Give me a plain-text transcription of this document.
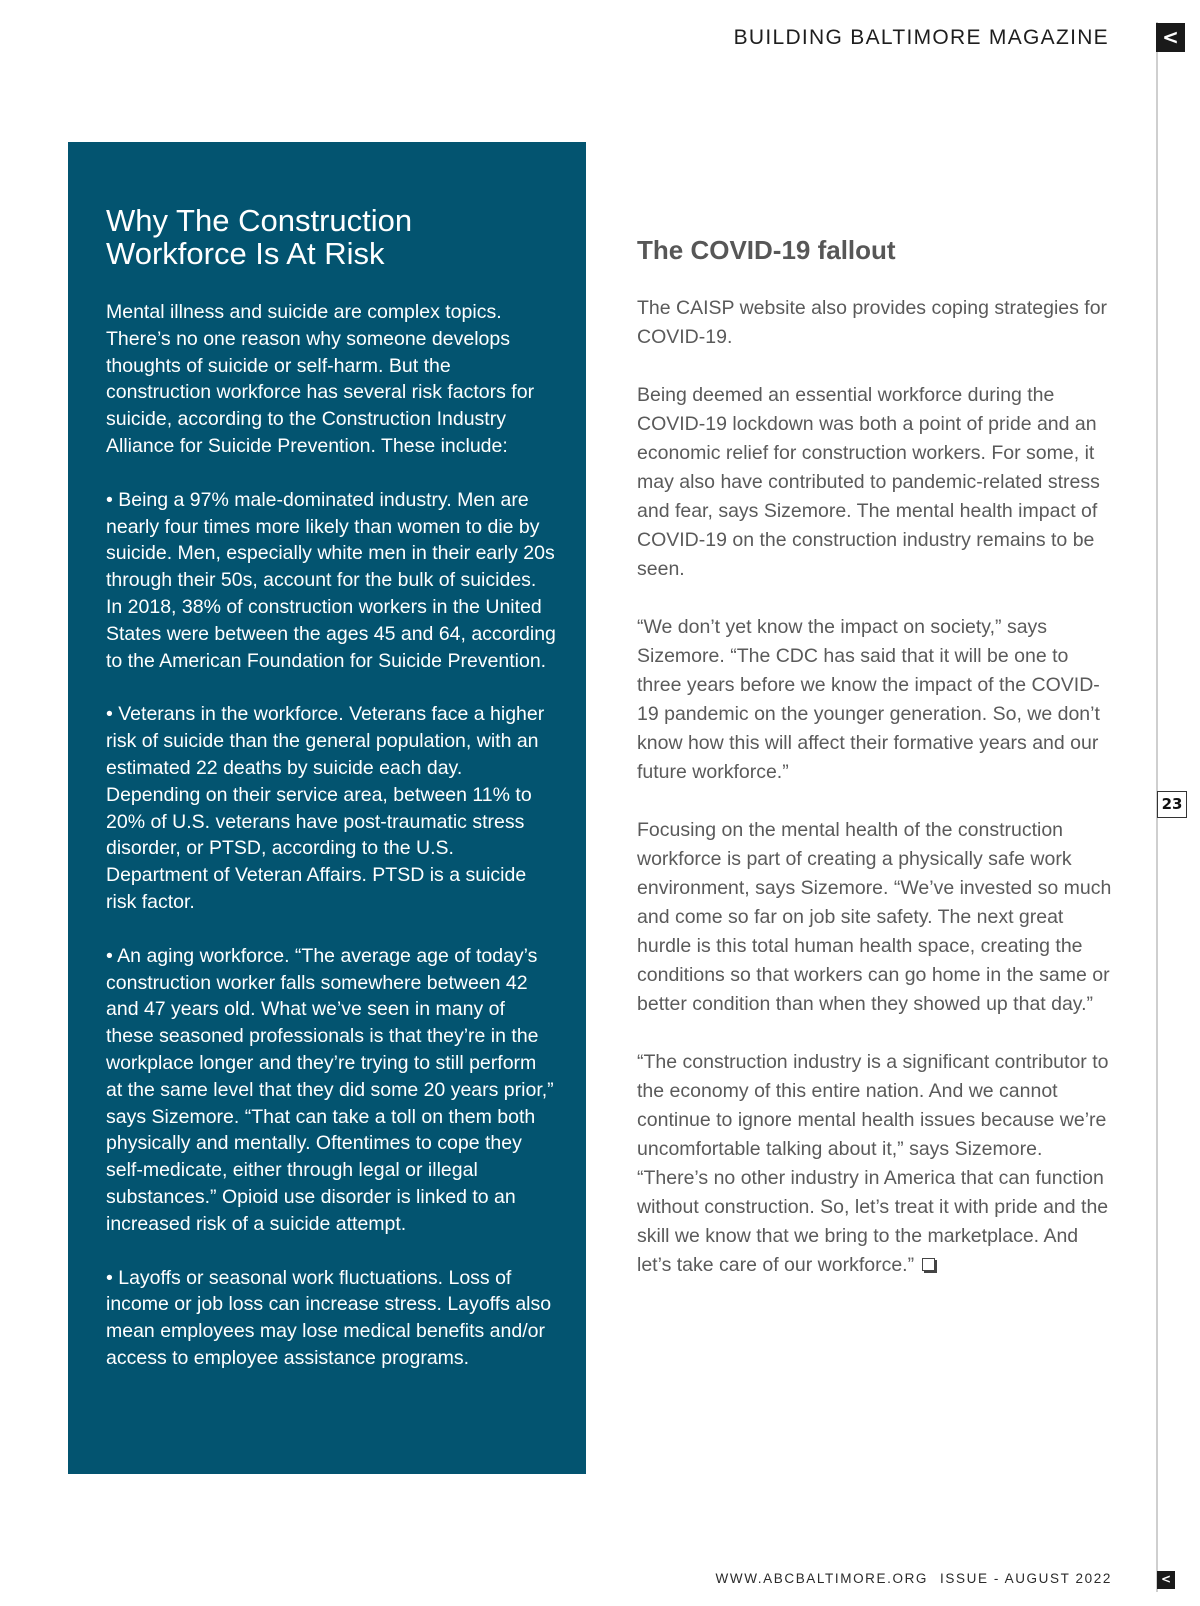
BUILDING BALTIMORE MAGAZINE	<
Why The Construction Workforce Is At Risk

Mental illness and suicide are complex topics. There’s no one reason why someone develops thoughts of suicide or self-harm. But the construction workforce has several risk factors for suicide, according to the Construction Industry Alliance for Suicide Prevention. These include:

• Being a 97% male-dominated industry. Men are nearly four times more likely than women to die by suicide. Men, especially white men in their early 20s through their 50s, account for the bulk of suicides. In 2018, 38% of construction workers in the United States were between the ages 45 and 64, according to the American Foundation for Suicide Prevention.

• Veterans in the workforce. Veterans face a higher risk of suicide than the general population, with an estimated 22 deaths by suicide each day. Depending on their service area, between 11% to 20% of U.S. veterans have post-traumatic stress disorder, or PTSD, according to the U.S. Department of Veteran Affairs. PTSD is a suicide risk factor.

• An aging workforce. “The average age of today’s construction worker falls somewhere between 42 and 47 years old. What we’ve seen in many of these seasoned professionals is that they’re in the workplace longer and they’re trying to still perform at the same level that they did some 20 years prior,” says Sizemore. “That can take a toll on them both physically and mentally. Oftentimes to cope they self-medicate, either through legal or illegal substances.” Opioid use disorder is linked to an increased risk of a suicide attempt.

• Layoffs or seasonal work fluctuations. Loss of income or job loss can increase stress. Layoffs also mean employees may lose medical benefits and/or access to employee assistance programs.

The COVID-19 fallout

The CAISP website also provides coping strategies for COVID-19.

Being deemed an essential workforce during the COVID-19 lockdown was both a point of pride and an economic relief for construction workers. For some, it may also have contributed to pandemic-related stress and fear, says Sizemore. The mental health impact of COVID-19 on the construction industry remains to be seen.

“We don’t yet know the impact on society,” says Sizemore. “The CDC has said that it will be one to three years before we know the impact of the COVID-19 pandemic on the younger generation. So, we don’t know how this will affect their formative years and our future workforce.”

Focusing on the mental health of the construction workforce is part of creating a physically safe work environment, says Sizemore. “We’ve invested so much and come so far on job site safety. The next great hurdle is this total human health space, creating the conditions so that workers can go home in the same or better condition than when they showed up that day.”

“The construction industry is a significant contributor to the economy of this entire nation. And we cannot continue to ignore mental health issues because we’re uncomfortable talking about it,” says Sizemore. “There’s no other industry in America that can function without construction. So, let’s treat it with pride and the skill we know that we bring to the marketplace. And let’s take care of our workforce.”

23
WWW.ABCBALTIMORE.ORG ISSUE - AUGUST 2022	<
